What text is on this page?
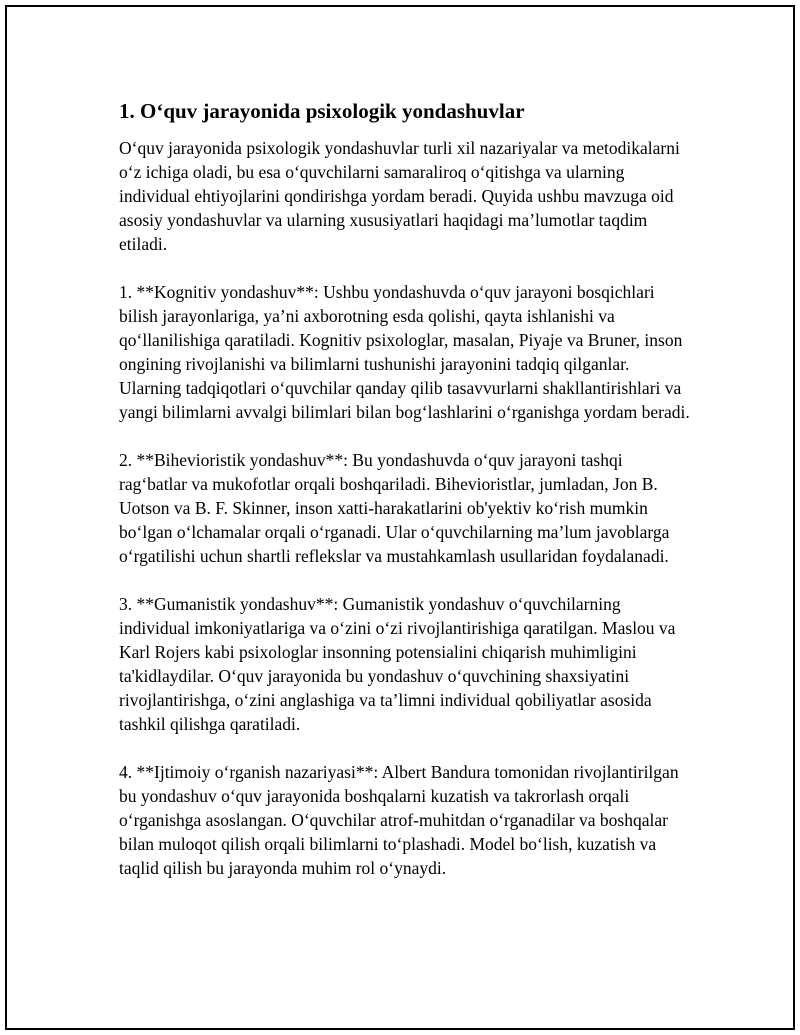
1. O‘quv jarayonida psixologik yondashuvlar

O‘quv jarayonida psixologik yondashuvlar turli xil nazariyalar va metodikalarni o‘z ichiga oladi, bu esa o‘quvchilarni samaraliroq o‘qitishga va ularning individual ehtiyojlarini qondirishga yordam beradi. Quyida ushbu mavzuga oid asosiy yondashuvlar va ularning xususiyatlari haqidagi ma’lumotlar taqdim etiladi.

1. **Kognitiv yondashuv**: Ushbu yondashuvda o‘quv jarayoni bosqichlari bilish jarayonlariga, ya’ni axborotning esda qolishi, qayta ishlanishi va qo‘llanilishiga qaratiladi. Kognitiv psixologlar, masalan, Piyaje va Bruner, inson ongining rivojlanishi va bilimlarni tushunishi jarayonini tadqiq qilganlar. Ularning tadqiqotlari o‘quvchilar qanday qilib tasavvurlarni shakllantirishlari va yangi bilimlarni avvalgi bilimlari bilan bog‘lashlarini o‘rganishga yordam beradi.

2. **Bihevioristik yondashuv**: Bu yondashuvda o‘quv jarayoni tashqi rag‘batlar va mukofotlar orqali boshqariladi. Bihevioristlar, jumladan, Jon B. Uotson va B. F. Skinner, inson xatti-harakatlarini ob'yektiv ko‘rish mumkin bo‘lgan o‘lchamalar orqali o‘rganadi. Ular o‘quvchilarning ma’lum javoblarga o‘rgatilishi uchun shartli reflekslar va mustahkamlash usullaridan foydalanadi.

3. **Gumanistik yondashuv**: Gumanistik yondashuv o‘quvchilarning individual imkoniyatlariga va o‘zini o‘zi rivojlantirishiga qaratilgan. Maslou va Karl Rojers kabi psixologlar insonning potensialini chiqarish muhimligini ta'kidlaydilar. O‘quv jarayonida bu yondashuv o‘quvchining shaxsiyatini rivojlantirishga, o‘zini anglashiga va ta’limni individual qobiliyatlar asosida tashkil qilishga qaratiladi.

4. **Ijtimoiy o‘rganish nazariyasi**: Albert Bandura tomonidan rivojlantirilgan bu yondashuv o‘quv jarayonida boshqalarni kuzatish va takrorlash orqali o‘rganishga asoslangan. O‘quvchilar atrof-muhitdan o‘rganadilar va boshqalar bilan muloqot qilish orqali bilimlarni to‘plashadi. Model bo‘lish, kuzatish va taqlid qilish bu jarayonda muhim rol o‘ynaydi.
